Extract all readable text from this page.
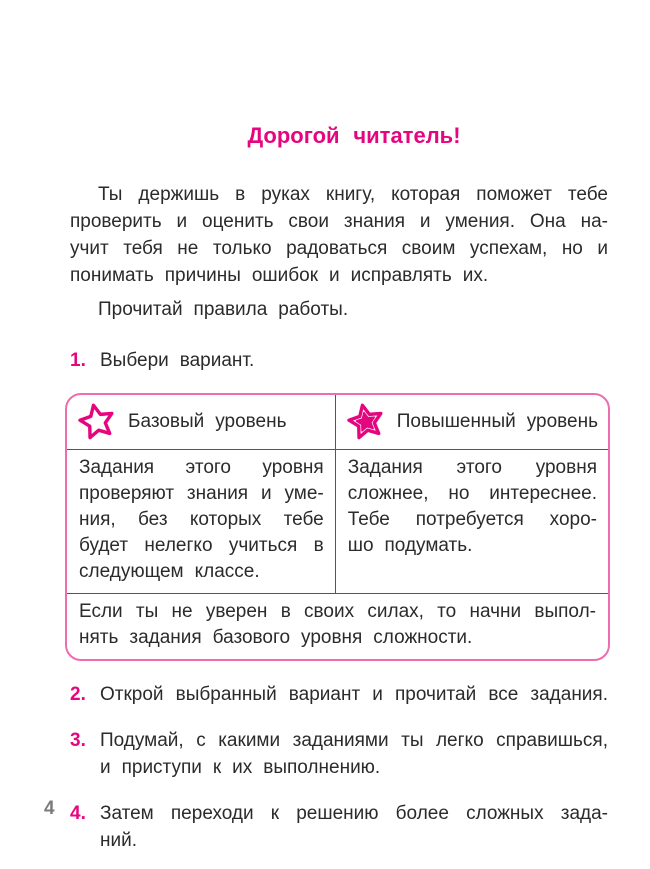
Дорогой читатель!
Ты держишь в руках книгу, которая поможет тебе
проверить и оценить свои знания и умения. Она на-
учит тебя не только радоваться своим успехам, но и
понимать причины ошибок и исправлять их.
Прочитай правила работы.
1. Выбери вариант.
Базовый уровень	Повышенный уровень
Задания этого уровня
проверяют знания и уме-
ния, без которых тебе
будет нелегко учиться в
следующем классе.
Задания этого уровня
сложнее, но интереснее.
Тебе потребуется хоро-
шо подумать.
Если ты не уверен в своих силах, то начни выпол-
нять задания базового уровня сложности.
2. Открой выбранный вариант и прочитай все задания.
3. Подумай, с какими заданиями ты легко справишься,
и приступи к их выполнению.
4. Затем переходи к решению более сложных зада-
ний.
4
